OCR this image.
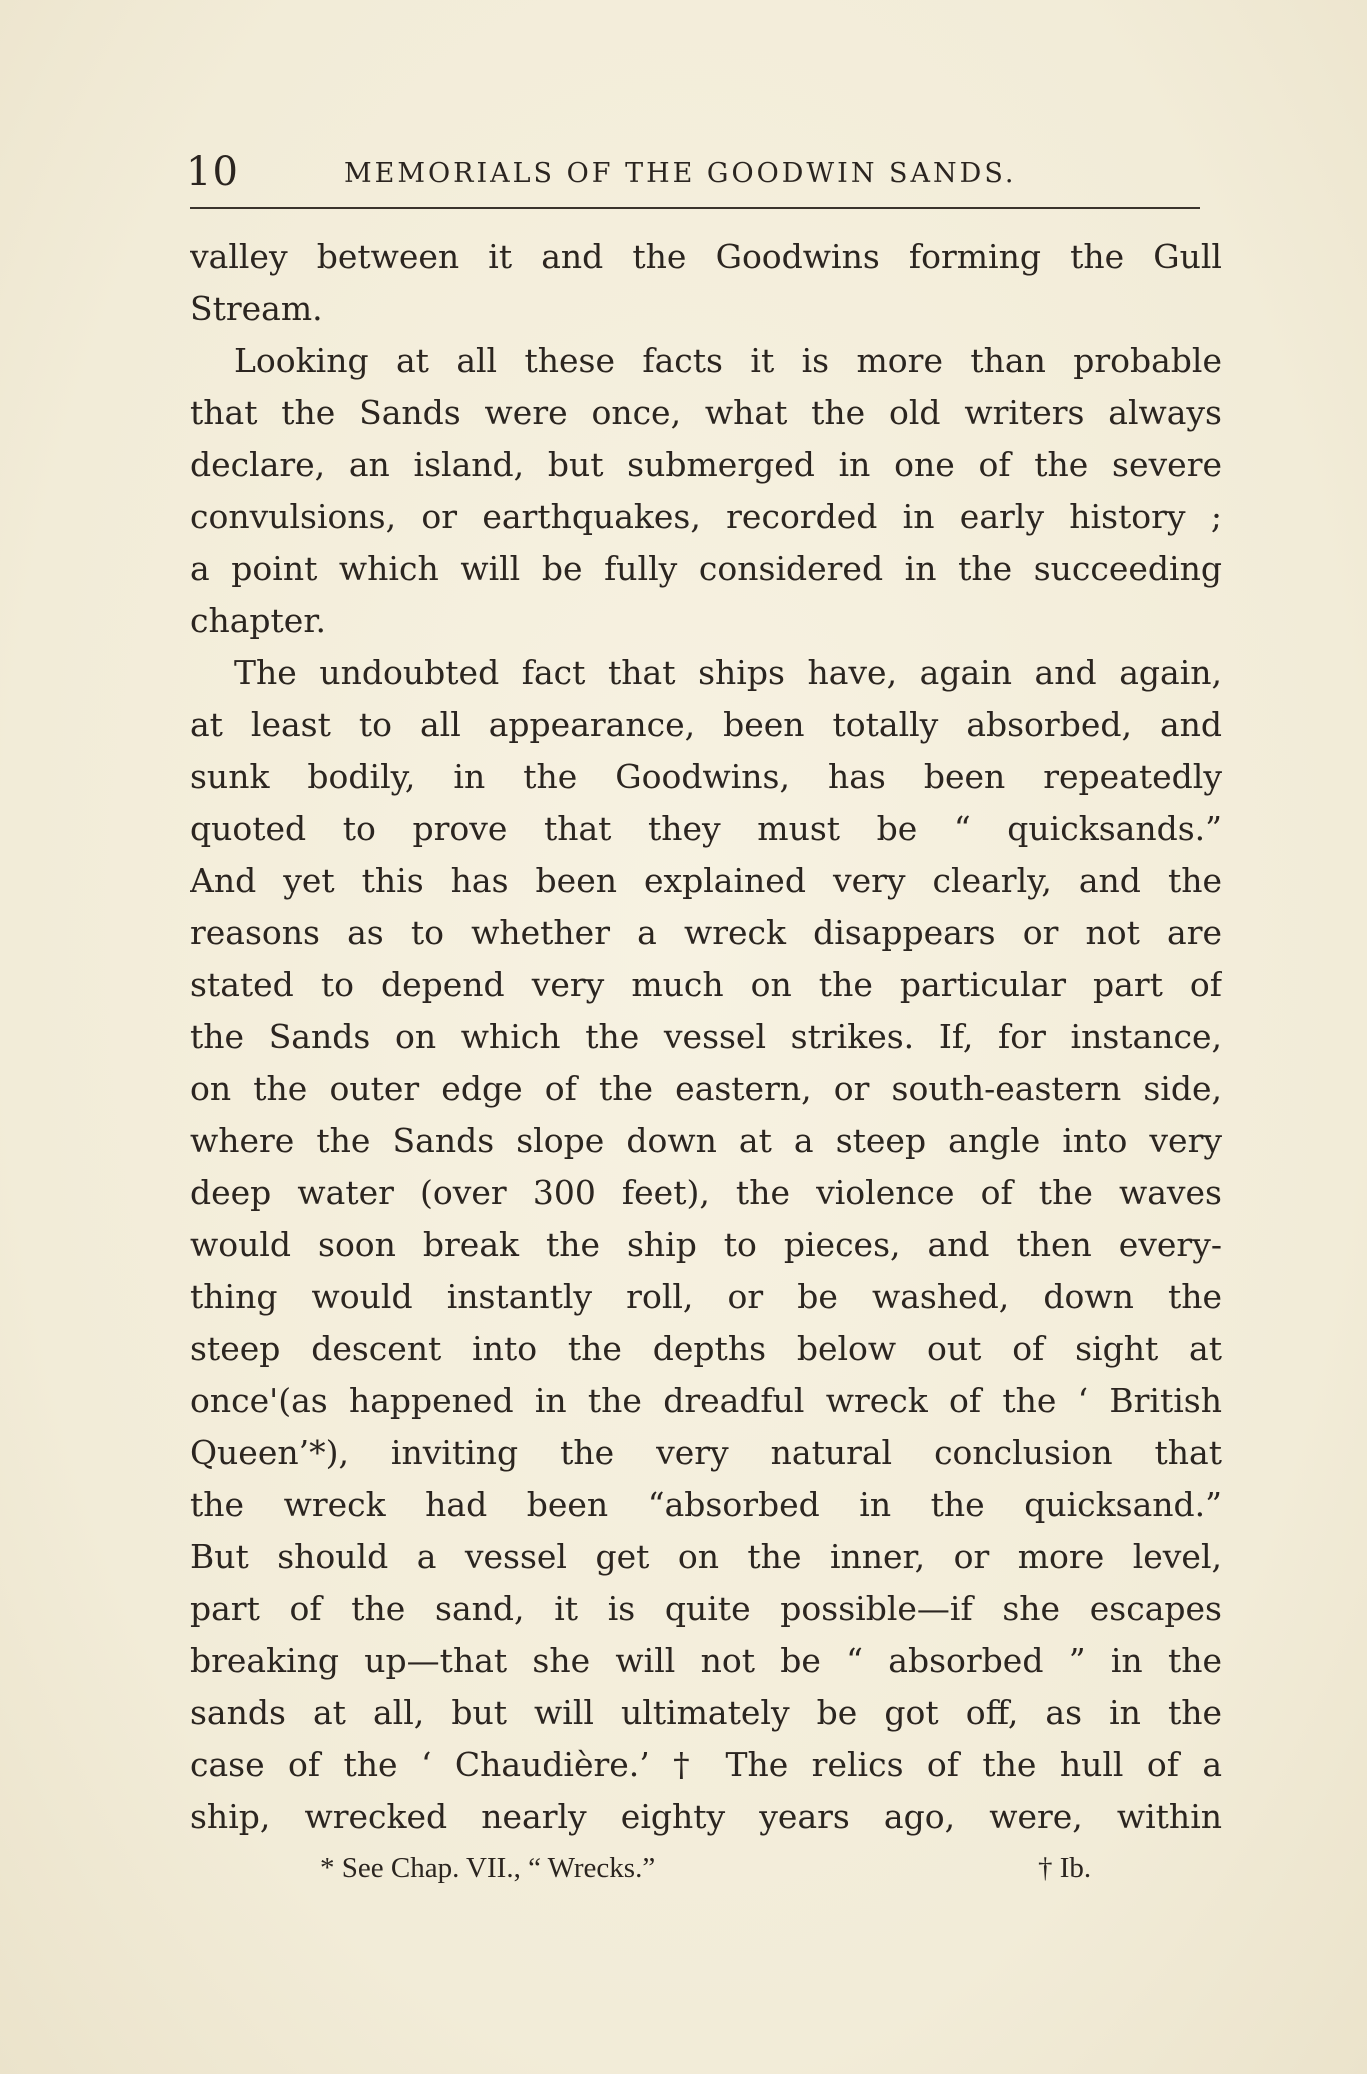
10	MEMORIALS OF THE GOODWIN SANDS.
valley between it and the Goodwins forming the Gull
Stream.
Looking at all these facts it is more than probable
that the Sands were once, what the old writers always
declare, an island, but submerged in one of the severe
convulsions, or earthquakes, recorded in early history ;
a point which will be fully considered in the succeeding
chapter.
The undoubted fact that ships have, again and again,
at least to all appearance, been totally absorbed, and
sunk bodily, in the Goodwins, has been repeatedly
quoted to prove that they must be “ quicksands.”
And yet this has been explained very clearly, and the
reasons as to whether a wreck disappears or not are
stated to depend very much on the particular part of
the Sands on which the vessel strikes. If, for instance,
on the outer edge of the eastern, or south-eastern side,
where the Sands slope down at a steep angle into very
deep water (over 300 feet), the violence of the waves
would soon break the ship to pieces, and then every-
thing would instantly roll, or be washed, down the
steep descent into the depths below out of sight at
once'(as happened in the dreadful wreck of the ‘ British
Queen’*), inviting the very natural conclusion that
the wreck had been “absorbed in the quicksand.”
But should a vessel get on the inner, or more level,
part of the sand, it is quite possible—if she escapes
breaking up—that she will not be “ absorbed ” in the
sands at all, but will ultimately be got off, as in the
case of the ‘ Chaudière.’ † The relics of the hull of a
ship, wrecked nearly eighty years ago, were, within
* See Chap. VII., “ Wrecks.”	† Ib.
